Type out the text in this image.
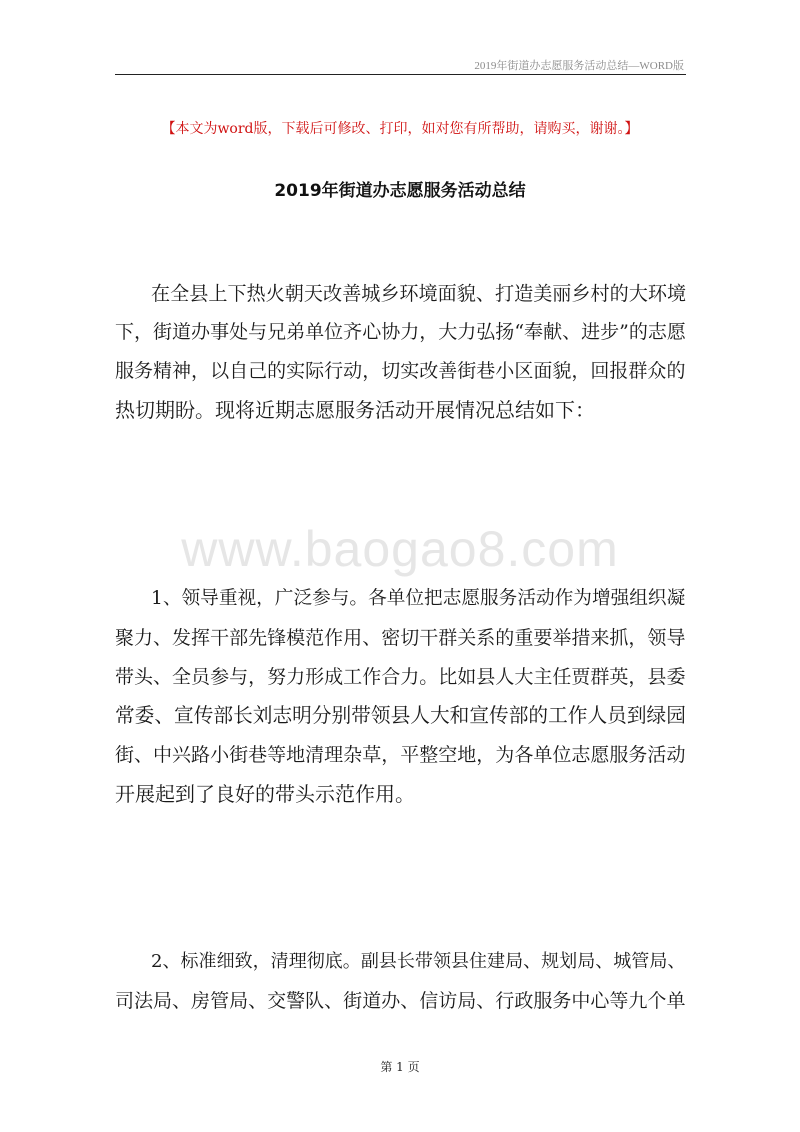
2019年街道办志愿服务活动总结—WORD版
【本文为word版，下载后可修改、打印，如对您有所帮助，请购买，谢谢。】
2019年街道办志愿服务活动总结
www.baogao8.com
在全县上下热火朝天改善城乡环境面貌、打造美丽乡村的大环境
下，街道办事处与兄弟单位齐心协力，大力弘扬“奉献、进步”的志愿
服务精神，以自己的实际行动，切实改善街巷小区面貌，回报群众的
热切期盼。现将近期志愿服务活动开展情况总结如下：
1、领导重视，广泛参与。各单位把志愿服务活动作为增强组织凝
聚力、发挥干部先锋模范作用、密切干群关系的重要举措来抓，领导
带头、全员参与，努力形成工作合力。比如县人大主任贾群英，县委
常委、宣传部长刘志明分别带领县人大和宣传部的工作人员到绿园
街、中兴路小街巷等地清理杂草，平整空地，为各单位志愿服务活动
开展起到了良好的带头示范作用。
2、标准细致，清理彻底。副县长带领县住建局、规划局、城管局、
司法局、房管局、交警队、街道办、信访局、行政服务中心等九个单
第 1 页
